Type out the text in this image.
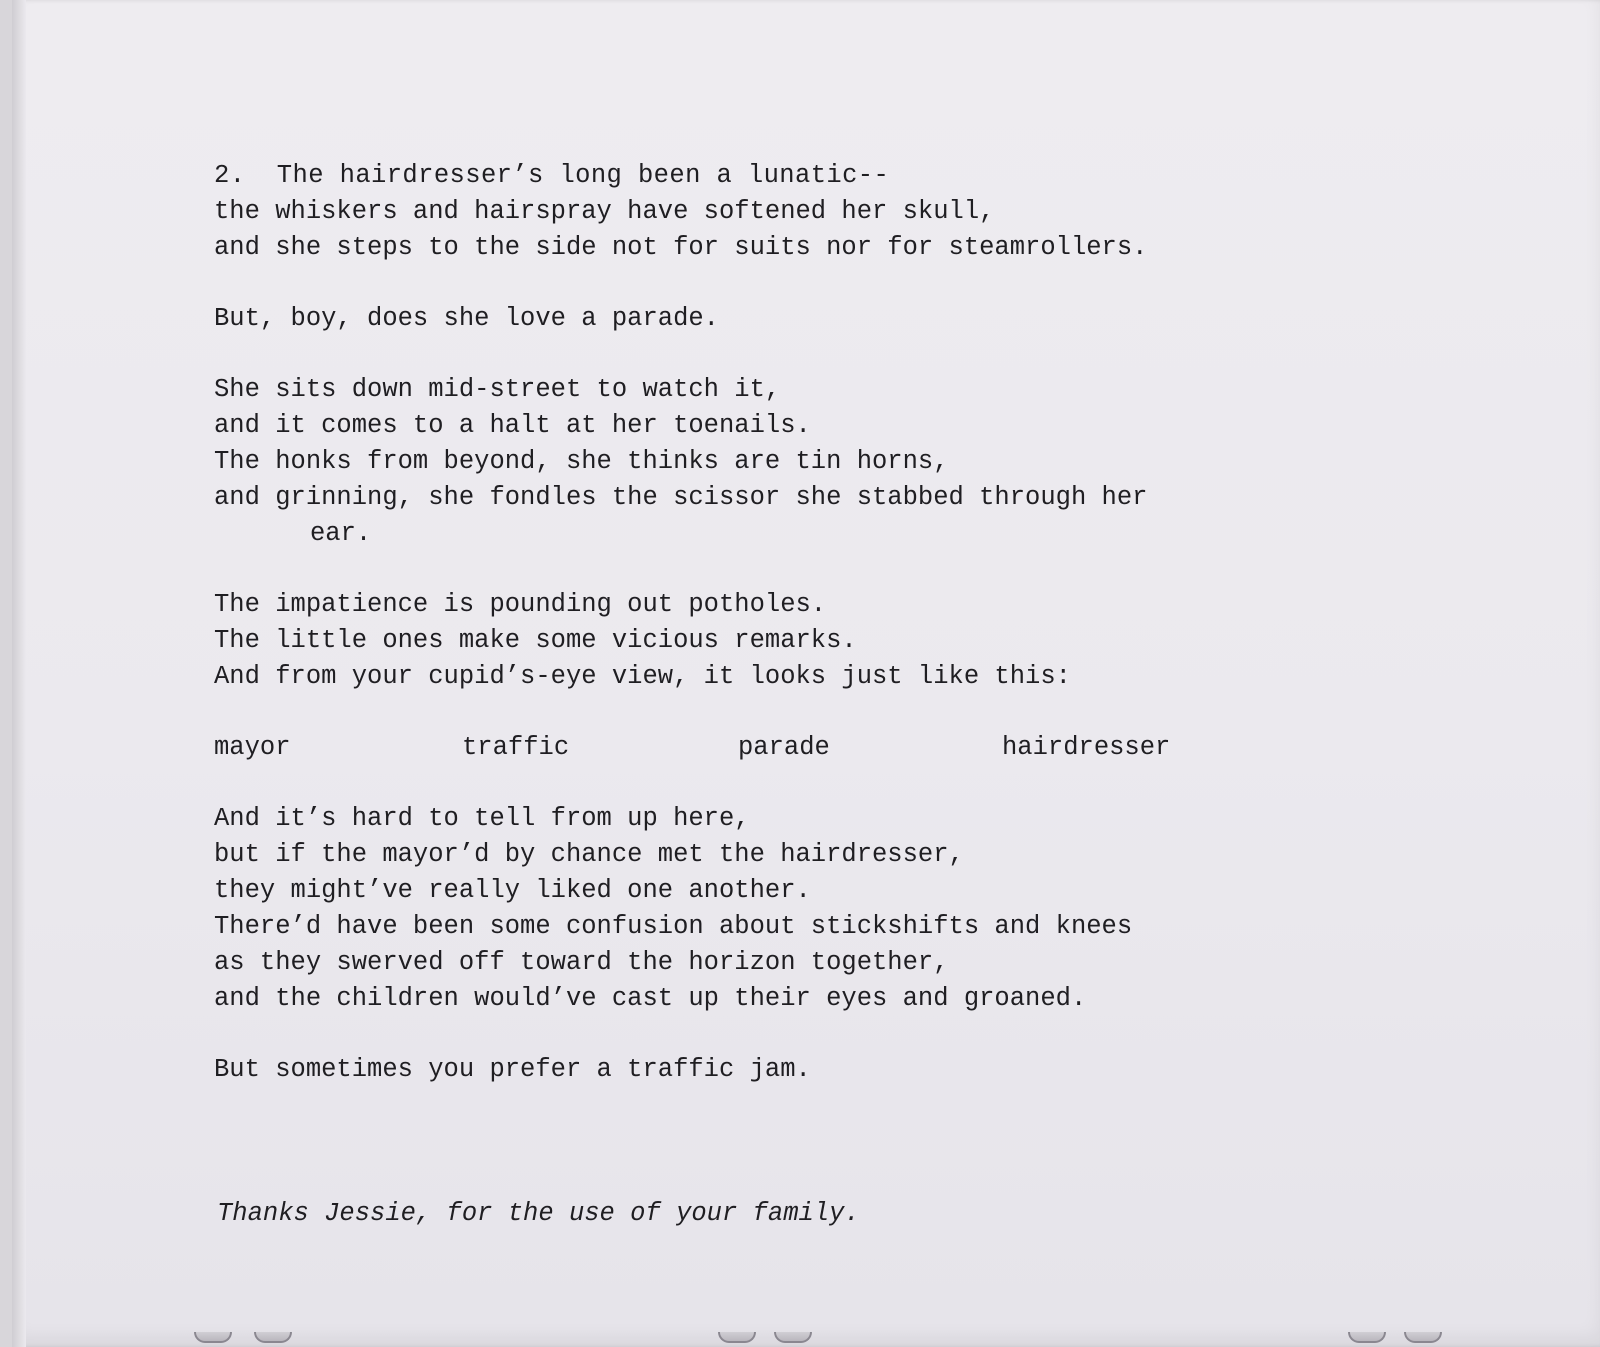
2.  The hairdresser’s long been a lunatic--
the whiskers and hairspray have softened her skull,
and she steps to the side not for suits nor for steamrollers.
But, boy, does she love a parade.
She sits down mid-street to watch it,
and it comes to a halt at her toenails.
The honks from beyond, she thinks are tin horns,
and grinning, she fondles the scissor she stabbed through her
ear.
The impatience is pounding out potholes.
The little ones make some vicious remarks.
And from your cupid’s-eye view, it looks just like this:
mayor	traffic	parade	hairdresser
And it’s hard to tell from up here,
but if the mayor’d by chance met the hairdresser,
they might’ve really liked one another.
There’d have been some confusion about stickshifts and knees
as they swerved off toward the horizon together,
and the children would’ve cast up their eyes and groaned.
But sometimes you prefer a traffic jam.

Thanks Jessie, for the use of your family.
